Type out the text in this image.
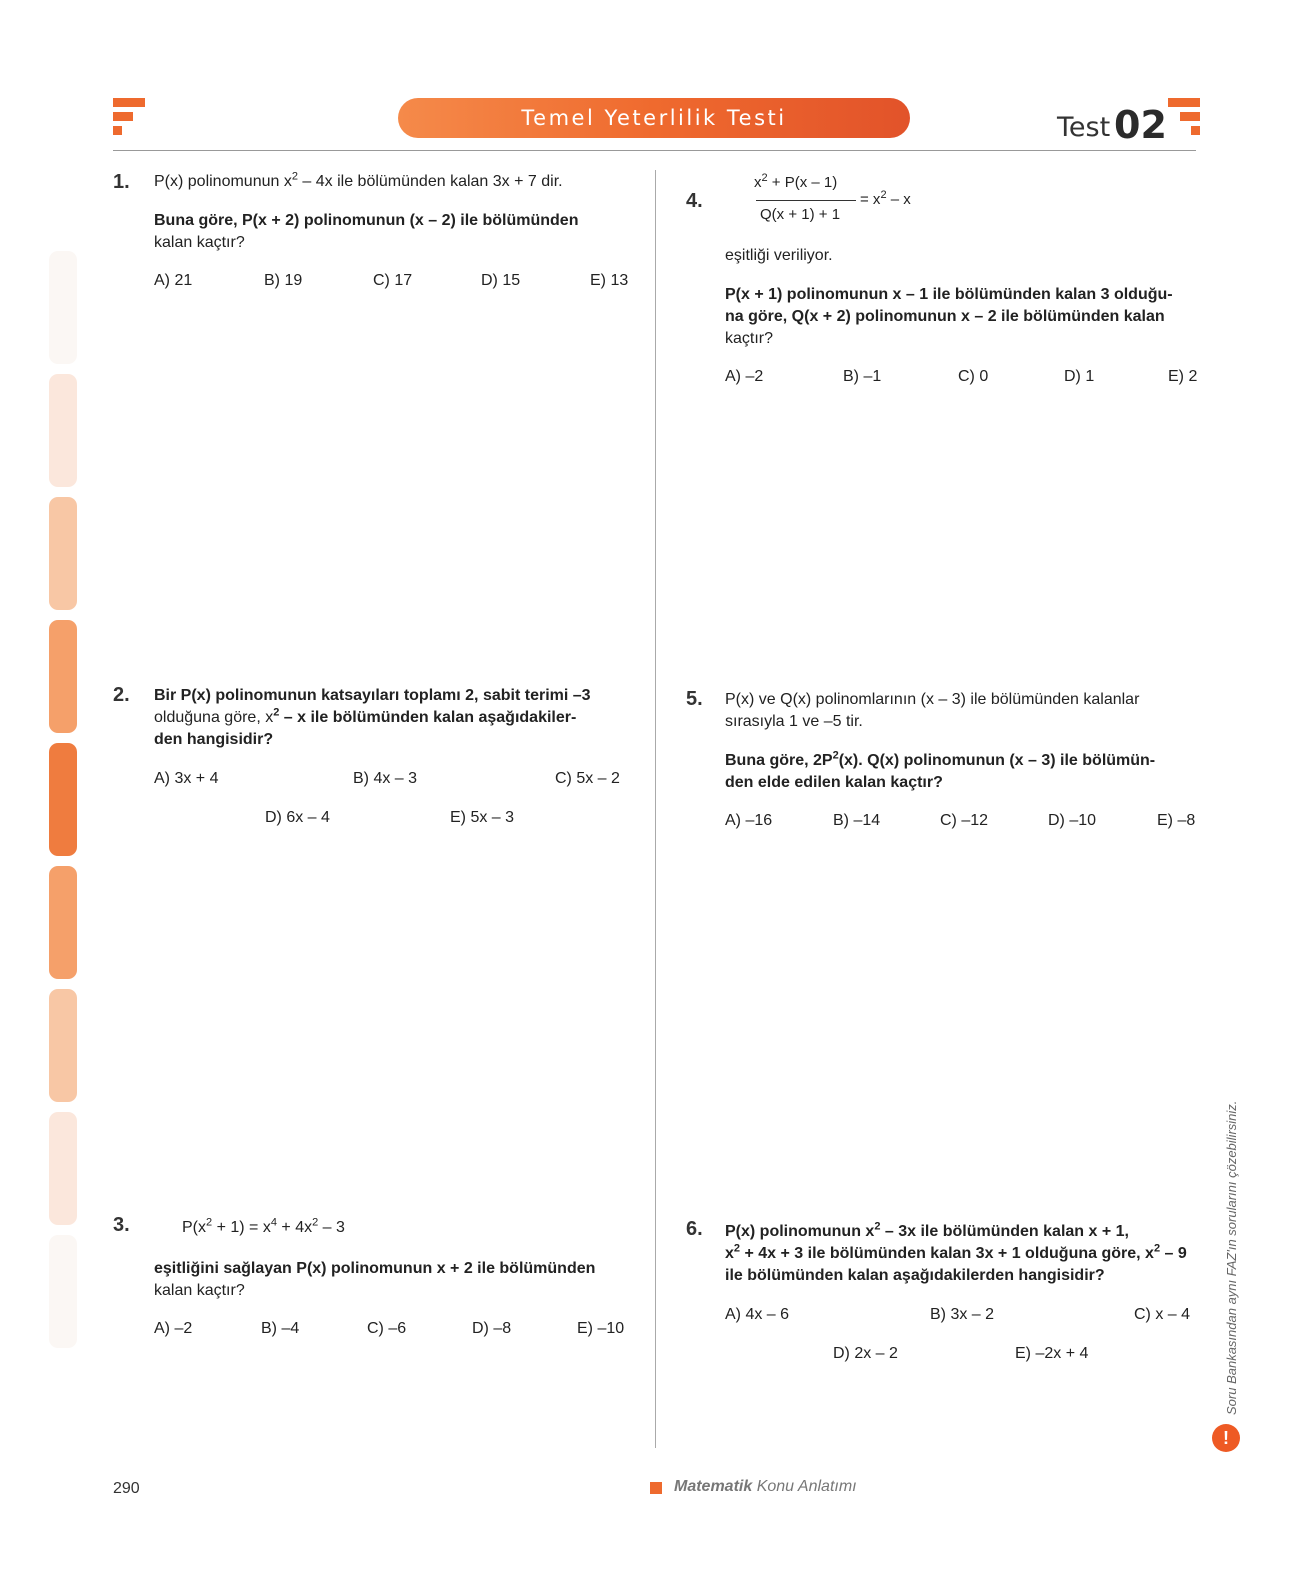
Temel Yeterlilik Testi	Test 02
1. P(x) polinomunun $x^2 - 4x$ ile bölümünden kalan 3x + 7 dir.
Buna göre, P(x + 2) polinomunun (x – 2) ile bölümünden
kalan kaçtır?
A) 21	B) 19	C) 17	D) 15	E) 13
2. Bir P(x) polinomunun katsayıları toplamı 2, sabit terimi –3
olduğuna göre, $x^2$ – x ile bölümünden kalan aşağıdakiler-
den hangisidir?
A) 3x + 4	B) 4x – 3	C) 5x – 2
D) 6x – 4	E) 5x – 3
3.	$P(x^2 + 1) = x^4 + 4x^2 - 3$
eşitliğini sağlayan P(x) polinomunun x + 2 ile bölümünden
kalan kaçtır?
A) –2	B) –4	C) –6	D) –8	E) –10
4.
$x^2 + P(x - 1)$
Q(x + 1) + 1
= $x^2$ – x
eşitliği veriliyor.
P(x + 1) polinomunun x – 1 ile bölümünden kalan 3 olduğu-
na göre, Q(x + 2) polinomunun x – 2 ile bölümünden kalan
kaçtır?
A) –2	B) –1	C) 0	D) 1	E) 2
5. P(x) ve Q(x) polinomlarının (x – 3) ile bölümünden kalanlar
sırasıyla 1 ve –5 tir.
Buna göre, $2P^2(x)$. Q(x) polinomunun (x – 3) ile bölümün-
den elde edilen kalan kaçtır?
A) –16	B) –14	C) –12	D) –10	E) –8
6. P(x) polinomunun $x^2 - 3x$ ile bölümünden kalan x + 1,
$x^2 + 4x + 3$ ile bölümünden kalan 3x + 1 olduğuna göre, $x^2 - 9$
ile bölümünden kalan aşağıdakilerden hangisidir?
A) 4x – 6	B) 3x – 2	C) x – 4
D) 2x – 2	E) –2x + 4	Soru Bankasından aynı FAZ'ın sorularını çözebilirsiniz.
!
290	Matematik Konu Anlatımı
